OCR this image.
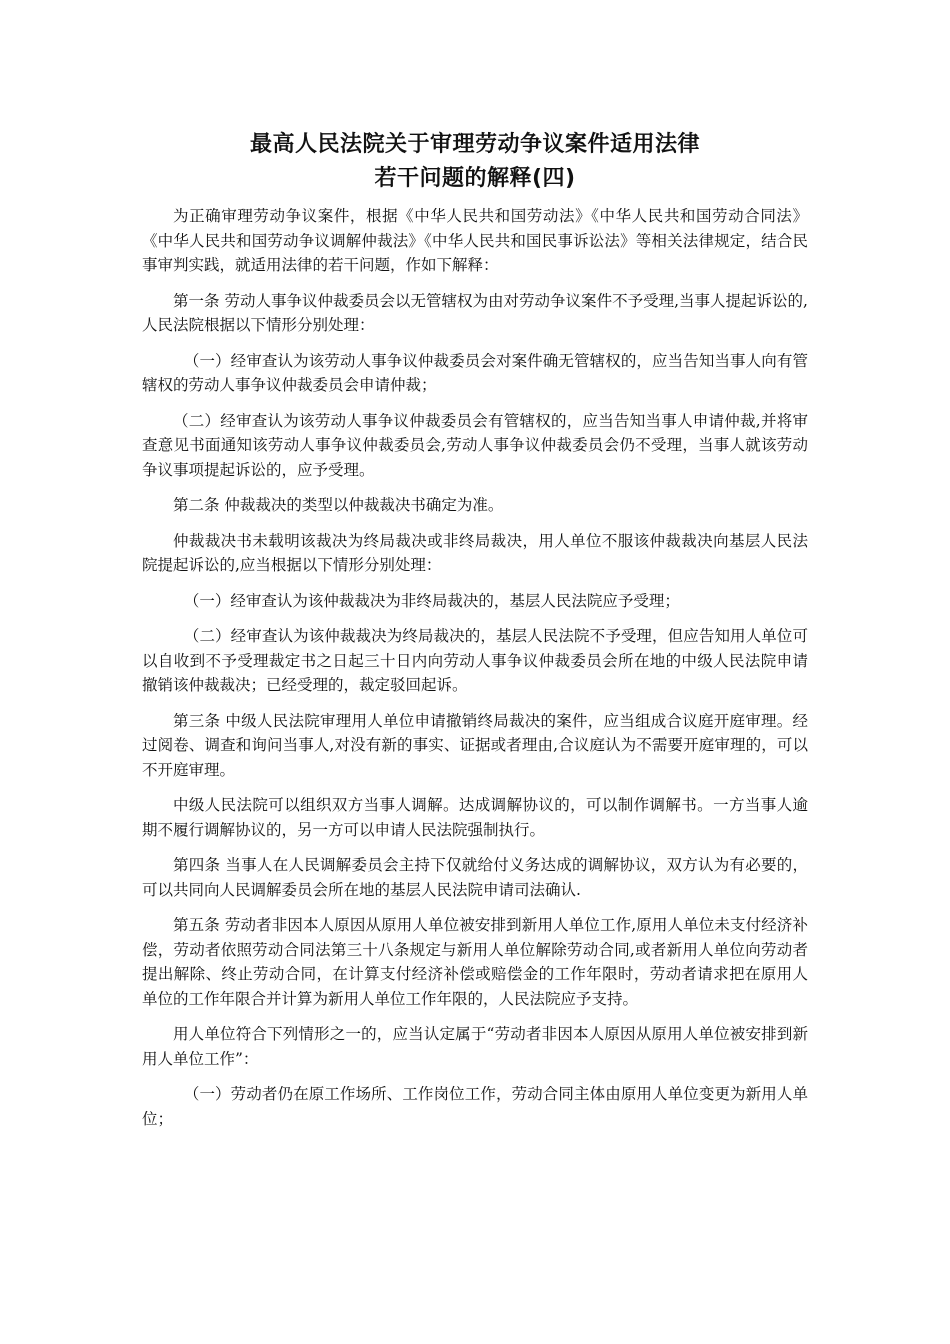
最高人民法院关于审理劳动争议案件适用法律
若干问题的解释(四)

为正确审理劳动争议案件，根据《中华人民共和国劳动法》《中华人民共和国劳动合同法》《中华人民共和国劳动争议调解仲裁法》《中华人民共和国民事诉讼法》等相关法律规定，结合民事审判实践，就适用法律的若干问题，作如下解释：

第一条 劳动人事争议仲裁委员会以无管辖权为由对劳动争议案件不予受理,当事人提起诉讼的,人民法院根据以下情形分别处理：

（一）经审查认为该劳动人事争议仲裁委员会对案件确无管辖权的，应当告知当事人向有管辖权的劳动人事争议仲裁委员会申请仲裁；

（二）经审查认为该劳动人事争议仲裁委员会有管辖权的，应当告知当事人申请仲裁,并将审查意见书面通知该劳动人事争议仲裁委员会,劳动人事争议仲裁委员会仍不受理，当事人就该劳动争议事项提起诉讼的，应予受理。

第二条 仲裁裁决的类型以仲裁裁决书确定为准。

仲裁裁决书未载明该裁决为终局裁决或非终局裁决，用人单位不服该仲裁裁决向基层人民法院提起诉讼的,应当根据以下情形分别处理：

（一）经审查认为该仲裁裁决为非终局裁决的，基层人民法院应予受理；

（二）经审查认为该仲裁裁决为终局裁决的，基层人民法院不予受理，但应告知用人单位可以自收到不予受理裁定书之日起三十日内向劳动人事争议仲裁委员会所在地的中级人民法院申请撤销该仲裁裁决；已经受理的，裁定驳回起诉。

第三条 中级人民法院审理用人单位申请撤销终局裁决的案件，应当组成合议庭开庭审理。经过阅卷、调查和询问当事人,对没有新的事实、证据或者理由,合议庭认为不需要开庭审理的，可以不开庭审理。

中级人民法院可以组织双方当事人调解。达成调解协议的，可以制作调解书。一方当事人逾期不履行调解协议的，另一方可以申请人民法院强制执行。

第四条 当事人在人民调解委员会主持下仅就给付义务达成的调解协议，双方认为有必要的，可以共同向人民调解委员会所在地的基层人民法院申请司法确认.

第五条 劳动者非因本人原因从原用人单位被安排到新用人单位工作,原用人单位未支付经济补偿，劳动者依照劳动合同法第三十八条规定与新用人单位解除劳动合同,或者新用人单位向劳动者提出解除、终止劳动合同，在计算支付经济补偿或赔偿金的工作年限时，劳动者请求把在原用人单位的工作年限合并计算为新用人单位工作年限的，人民法院应予支持。

用人单位符合下列情形之一的，应当认定属于“劳动者非因本人原因从原用人单位被安排到新用人单位工作”：

（一）劳动者仍在原工作场所、工作岗位工作，劳动合同主体由原用人单位变更为新用人单位；
